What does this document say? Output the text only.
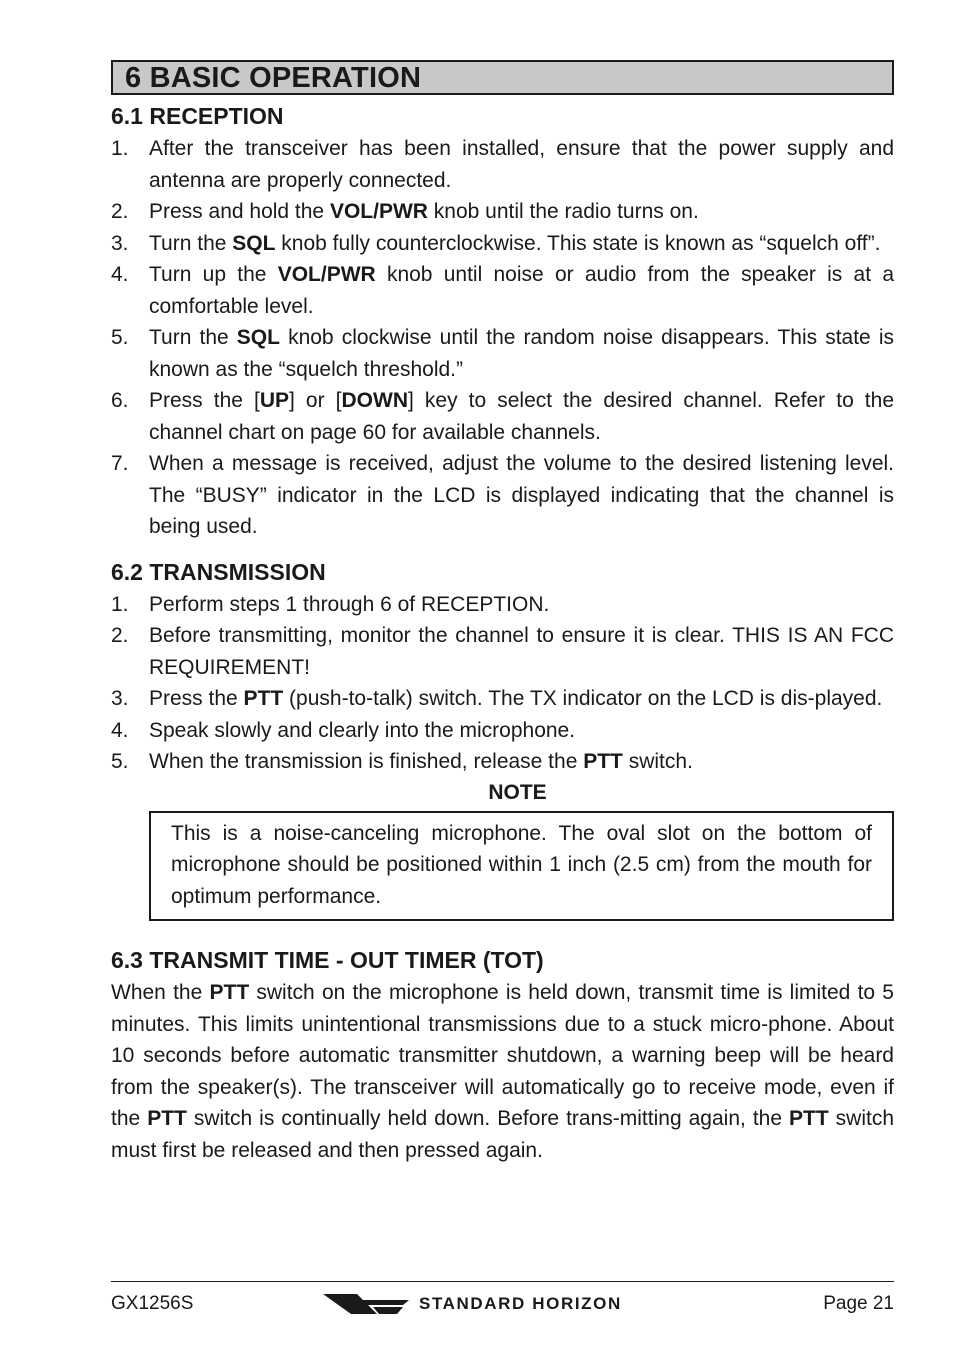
6 BASIC OPERATION
6.1 RECEPTION
1. After the transceiver has been installed, ensure that the power supply and antenna are properly connected.
2. Press and hold the VOL/PWR knob until the radio turns on.
3. Turn the SQL knob fully counterclockwise. This state is known as “squelch off”.
4. Turn up the VOL/PWR knob until noise or audio from the speaker is at a comfortable level.
5. Turn the SQL knob clockwise until the random noise disappears. This state is known as the “squelch threshold.”
6. Press the [UP] or [DOWN] key to select the desired channel. Refer to the channel chart on page 60 for available channels.
7. When a message is received, adjust the volume to the desired listening level. The “BUSY” indicator in the LCD is displayed indicating that the channel is being used.
6.2 TRANSMISSION
1. Perform steps 1 through 6 of RECEPTION.
2. Before transmitting, monitor the channel to ensure it is clear. THIS IS AN FCC REQUIREMENT!
3. Press the PTT (push-to-talk) switch. The TX indicator on the LCD is dis-played.
4. Speak slowly and clearly into the microphone.
5. When the transmission is finished, release the PTT switch.
NOTE
This is a noise-canceling microphone. The oval slot on the bottom of microphone should be positioned within 1 inch (2.5 cm) from the mouth for optimum performance.
6.3 TRANSMIT TIME - OUT TIMER (TOT)

When the PTT switch on the microphone is held down, transmit time is limited to 5 minutes. This limits unintentional transmissions due to a stuck micro-phone. About 10 seconds before automatic transmitter shutdown, a warning beep will be heard from the speaker(s). The transceiver will automatically go to receive mode, even if the PTT switch is continually held down. Before trans-mitting again, the PTT switch must first be released and then pressed again.

GX1256S	STANDARD HORIZON	Page 21
